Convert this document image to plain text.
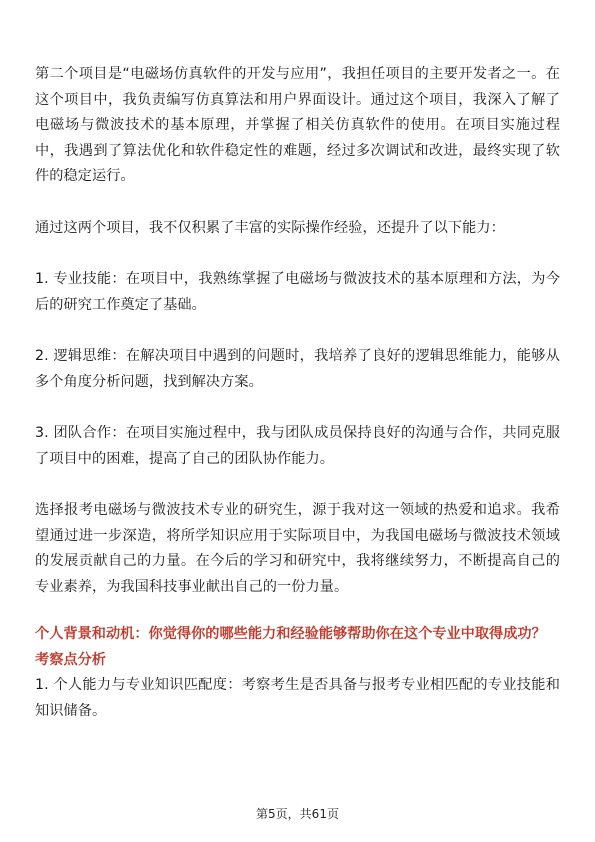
第二个项目是“电磁场仿真软件的开发与应用”，我担任项目的主要开发者之一。在这个项目中，我负责编写仿真算法和用户界面设计。通过这个项目，我深入了解了电磁场与微波技术的基本原理，并掌握了相关仿真软件的使用。在项目实施过程中，我遇到了算法优化和软件稳定性的难题，经过多次调试和改进，最终实现了软件的稳定运行。

通过这两个项目，我不仅积累了丰富的实际操作经验，还提升了以下能力：

1. 专业技能：在项目中，我熟练掌握了电磁场与微波技术的基本原理和方法，为今后的研究工作奠定了基础。

2. 逻辑思维：在解决项目中遇到的问题时，我培养了良好的逻辑思维能力，能够从多个角度分析问题，找到解决方案。

3. 团队合作：在项目实施过程中，我与团队成员保持良好的沟通与合作，共同克服了项目中的困难，提高了自己的团队协作能力。

选择报考电磁场与微波技术专业的研究生，源于我对这一领域的热爱和追求。我希望通过进一步深造，将所学知识应用于实际项目中，为我国电磁场与微波技术领域的发展贡献自己的力量。在今后的学习和研究中，我将继续努力，不断提高自己的专业素养，为我国科技事业献出自己的一份力量。

个人背景和动机：你觉得你的哪些能力和经验能够帮助你在这个专业中取得成功？

考察点分析

1. 个人能力与专业知识匹配度：考察考生是否具备与报考专业相匹配的专业技能和知识储备。

第5页，共61页
